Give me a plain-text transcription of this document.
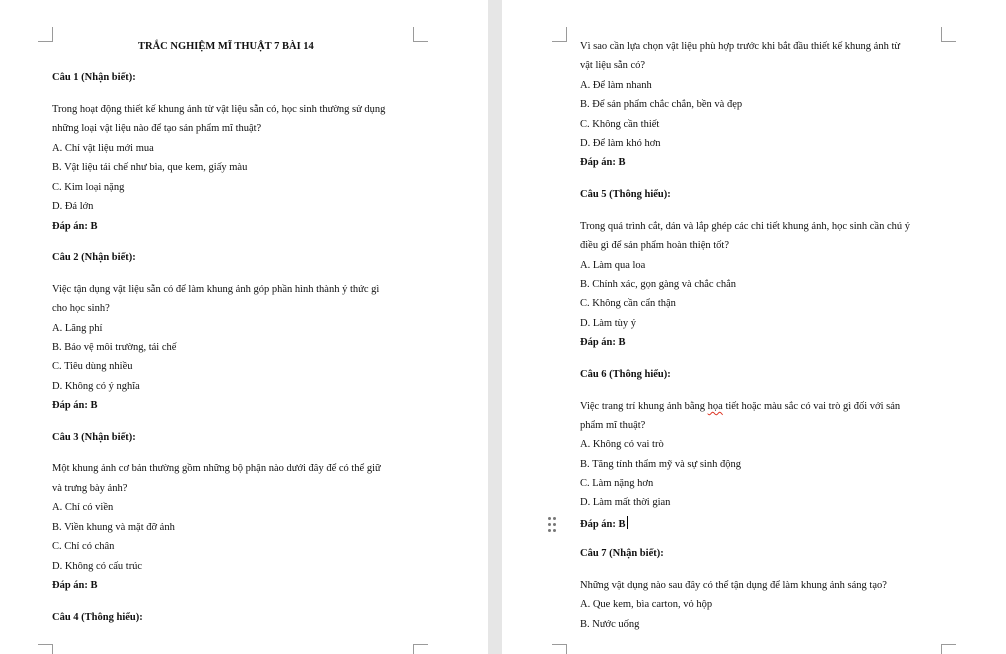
TRẮC NGHIỆM MĨ THUẬT 7 BÀI 14
Câu 1 (Nhận biết):
Trong hoạt động thiết kế khung ảnh từ vật liệu sẵn có, học sinh thường sử dụng
những loại vật liệu nào để tạo sản phẩm mĩ thuật?
A. Chỉ vật liệu mới mua
B. Vật liệu tái chế như bìa, que kem, giấy màu
C. Kim loại nặng
D. Đá lớn
Đáp án: B
Câu 2 (Nhận biết):
Việc tận dụng vật liệu sẵn có để làm khung ảnh góp phần hình thành ý thức gì
cho học sinh?
A. Lãng phí
B. Bảo vệ môi trường, tái chế
C. Tiêu dùng nhiều
D. Không có ý nghĩa
Đáp án: B
Câu 3 (Nhận biết):
Một khung ảnh cơ bản thường gồm những bộ phận nào dưới đây để có thể giữ
và trưng bày ảnh?
A. Chỉ có viền
B. Viền khung và mặt đỡ ảnh
C. Chỉ có chân
D. Không có cấu trúc
Đáp án: B
Câu 4 (Thông hiểu):
Vì sao cần lựa chọn vật liệu phù hợp trước khi bắt đầu thiết kế khung ảnh từ
vật liệu sẵn có?
A. Để làm nhanh
B. Để sản phẩm chắc chắn, bền và đẹp
C. Không cần thiết
D. Để làm khó hơn
Đáp án: B
Câu 5 (Thông hiểu):
Trong quá trình cắt, dán và lắp ghép các chi tiết khung ảnh, học sinh cần chú ý
điều gì để sản phẩm hoàn thiện tốt?
A. Làm qua loa
B. Chính xác, gọn gàng và chắc chắn
C. Không cần cẩn thận
D. Làm tùy ý
Đáp án: B
Câu 6 (Thông hiểu):
Việc trang trí khung ảnh bằng họa tiết hoặc màu sắc có vai trò gì đối với sản
phẩm mĩ thuật?
A. Không có vai trò
B. Tăng tính thẩm mỹ và sự sinh động
C. Làm nặng hơn
D. Làm mất thời gian
Đáp án: B
Câu 7 (Nhận biết):
Những vật dụng nào sau đây có thể tận dụng để làm khung ảnh sáng tạo?
A. Que kem, bìa carton, vỏ hộp
B. Nước uống
